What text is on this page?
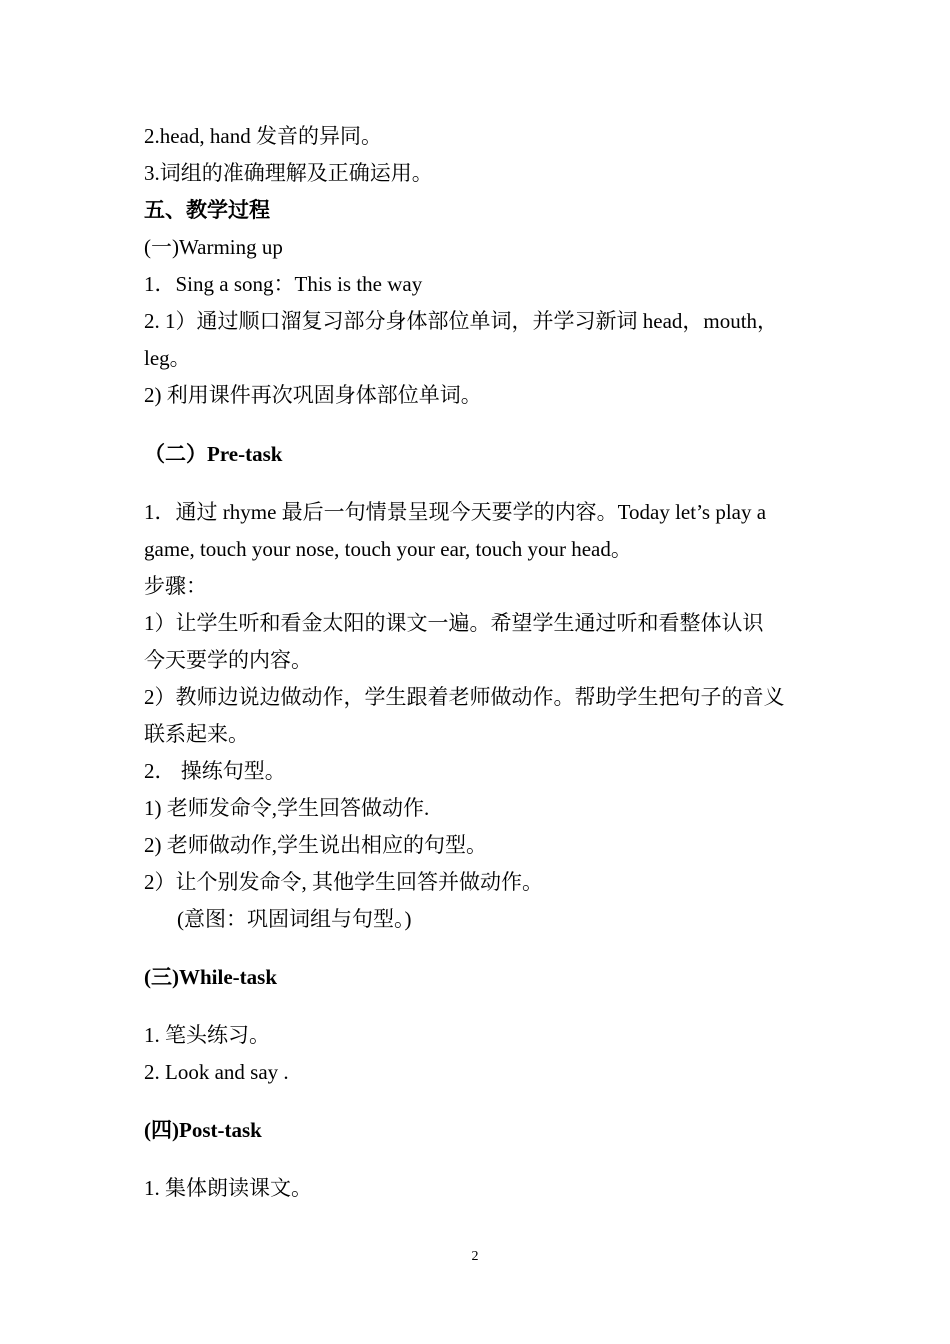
2.head, hand 发音的异同。
3.词组的准确理解及正确运用。
五、教学过程
(一)Warming up
1．Sing a song：This is the way
2. 1）通过顺口溜复习部分身体部位单词，并学习新词 head，mouth，
leg。
2) 利用课件再次巩固身体部位单词。
（二）Pre-task
1．通过 rhyme 最后一句情景呈现今天要学的内容。Today let’s play a
game, touch your nose, touch your ear, touch your head。
步骤：
1）让学生听和看金太阳的课文一遍。希望学生通过听和看整体认识
今天要学的内容。
2）教师边说边做动作，学生跟着老师做动作。帮助学生把句子的音义
联系起来。
2． 操练句型。
1) 老师发命令,学生回答做动作.
2) 老师做动作,学生说出相应的句型。
2）让个别发命令, 其他学生回答并做动作。
(意图：巩固词组与句型。)
(三)While-task
1. 笔头练习。
2. Look and say .
(四)Post-task
1. 集体朗读课文。
2
